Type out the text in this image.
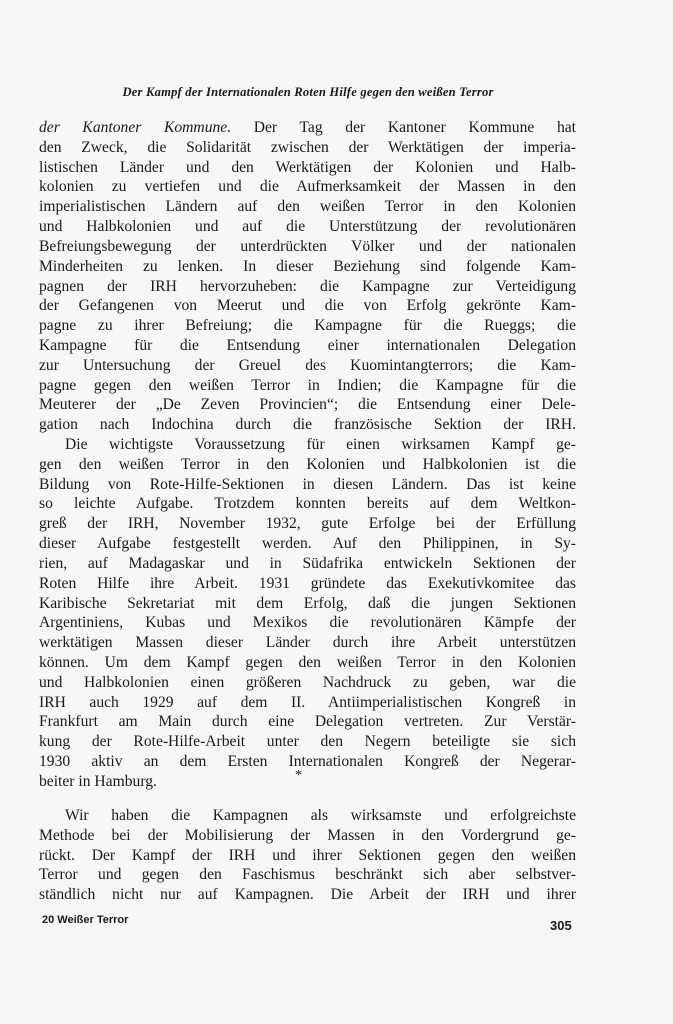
Der Kampf der Internationalen Roten Hilfe gegen den weißen Terror
der Kantoner Kommune. Der Tag der Kantoner Kommune hat
den Zweck, die Solidarität zwischen der Werktätigen der imperia-
listischen Länder und den Werktätigen der Kolonien und Halb-
kolonien zu vertiefen und die Aufmerksamkeit der Massen in den
imperialistischen Ländern auf den weißen Terror in den Kolonien
und Halbkolonien und auf die Unterstützung der revolutionären
Befreiungsbewegung der unterdrückten Völker und der nationalen
Minderheiten zu lenken. In dieser Beziehung sind folgende Kam-
pagnen der IRH hervorzuheben: die Kampagne zur Verteidigung
der Gefangenen von Meerut und die von Erfolg gekrönte Kam-
pagne zu ihrer Befreiung; die Kampagne für die Rueggs; die
Kampagne für die Entsendung einer internationalen Delegation
zur Untersuchung der Greuel des Kuomintangterrors; die Kam-
pagne gegen den weißen Terror in Indien; die Kampagne für die
Meuterer der „De Zeven Provincien“; die Entsendung einer Dele-
gation nach Indochina durch die französische Sektion der IRH.
Die wichtigste Voraussetzung für einen wirksamen Kampf ge-
gen den weißen Terror in den Kolonien und Halbkolonien ist die
Bildung von Rote-Hilfe-Sektionen in diesen Ländern. Das ist keine
so leichte Aufgabe. Trotzdem konnten bereits auf dem Weltkon-
greß der IRH, November 1932, gute Erfolge bei der Erfüllung
dieser Aufgabe festgestellt werden. Auf den Philippinen, in Sy-
rien, auf Madagaskar und in Südafrika entwickeln Sektionen der
Roten Hilfe ihre Arbeit. 1931 gründete das Exekutivkomitee das
Karibische Sekretariat mit dem Erfolg, daß die jungen Sektionen
Argentiniens, Kubas und Mexikos die revolutionären Kämpfe der
werktätigen Massen dieser Länder durch ihre Arbeit unterstützen
können. Um dem Kampf gegen den weißen Terror in den Kolonien
und Halbkolonien einen größeren Nachdruck zu geben, war die
IRH auch 1929 auf dem II. Antiimperialistischen Kongreß in
Frankfurt am Main durch eine Delegation vertreten. Zur Verstär-
kung der Rote-Hilfe-Arbeit unter den Negern beteiligte sie sich
1930 aktiv an dem Ersten Internationalen Kongreß der Negerar-
beiter in Hamburg.	*
Wir haben die Kampagnen als wirksamste und erfolgreichste
Methode bei der Mobilisierung der Massen in den Vordergrund ge-
rückt. Der Kampf der IRH und ihrer Sektionen gegen den weißen
Terror und gegen den Faschismus beschränkt sich aber selbstver-
ständlich nicht nur auf Kampagnen. Die Arbeit der IRH und ihrer
20 Weißer Terror	305
